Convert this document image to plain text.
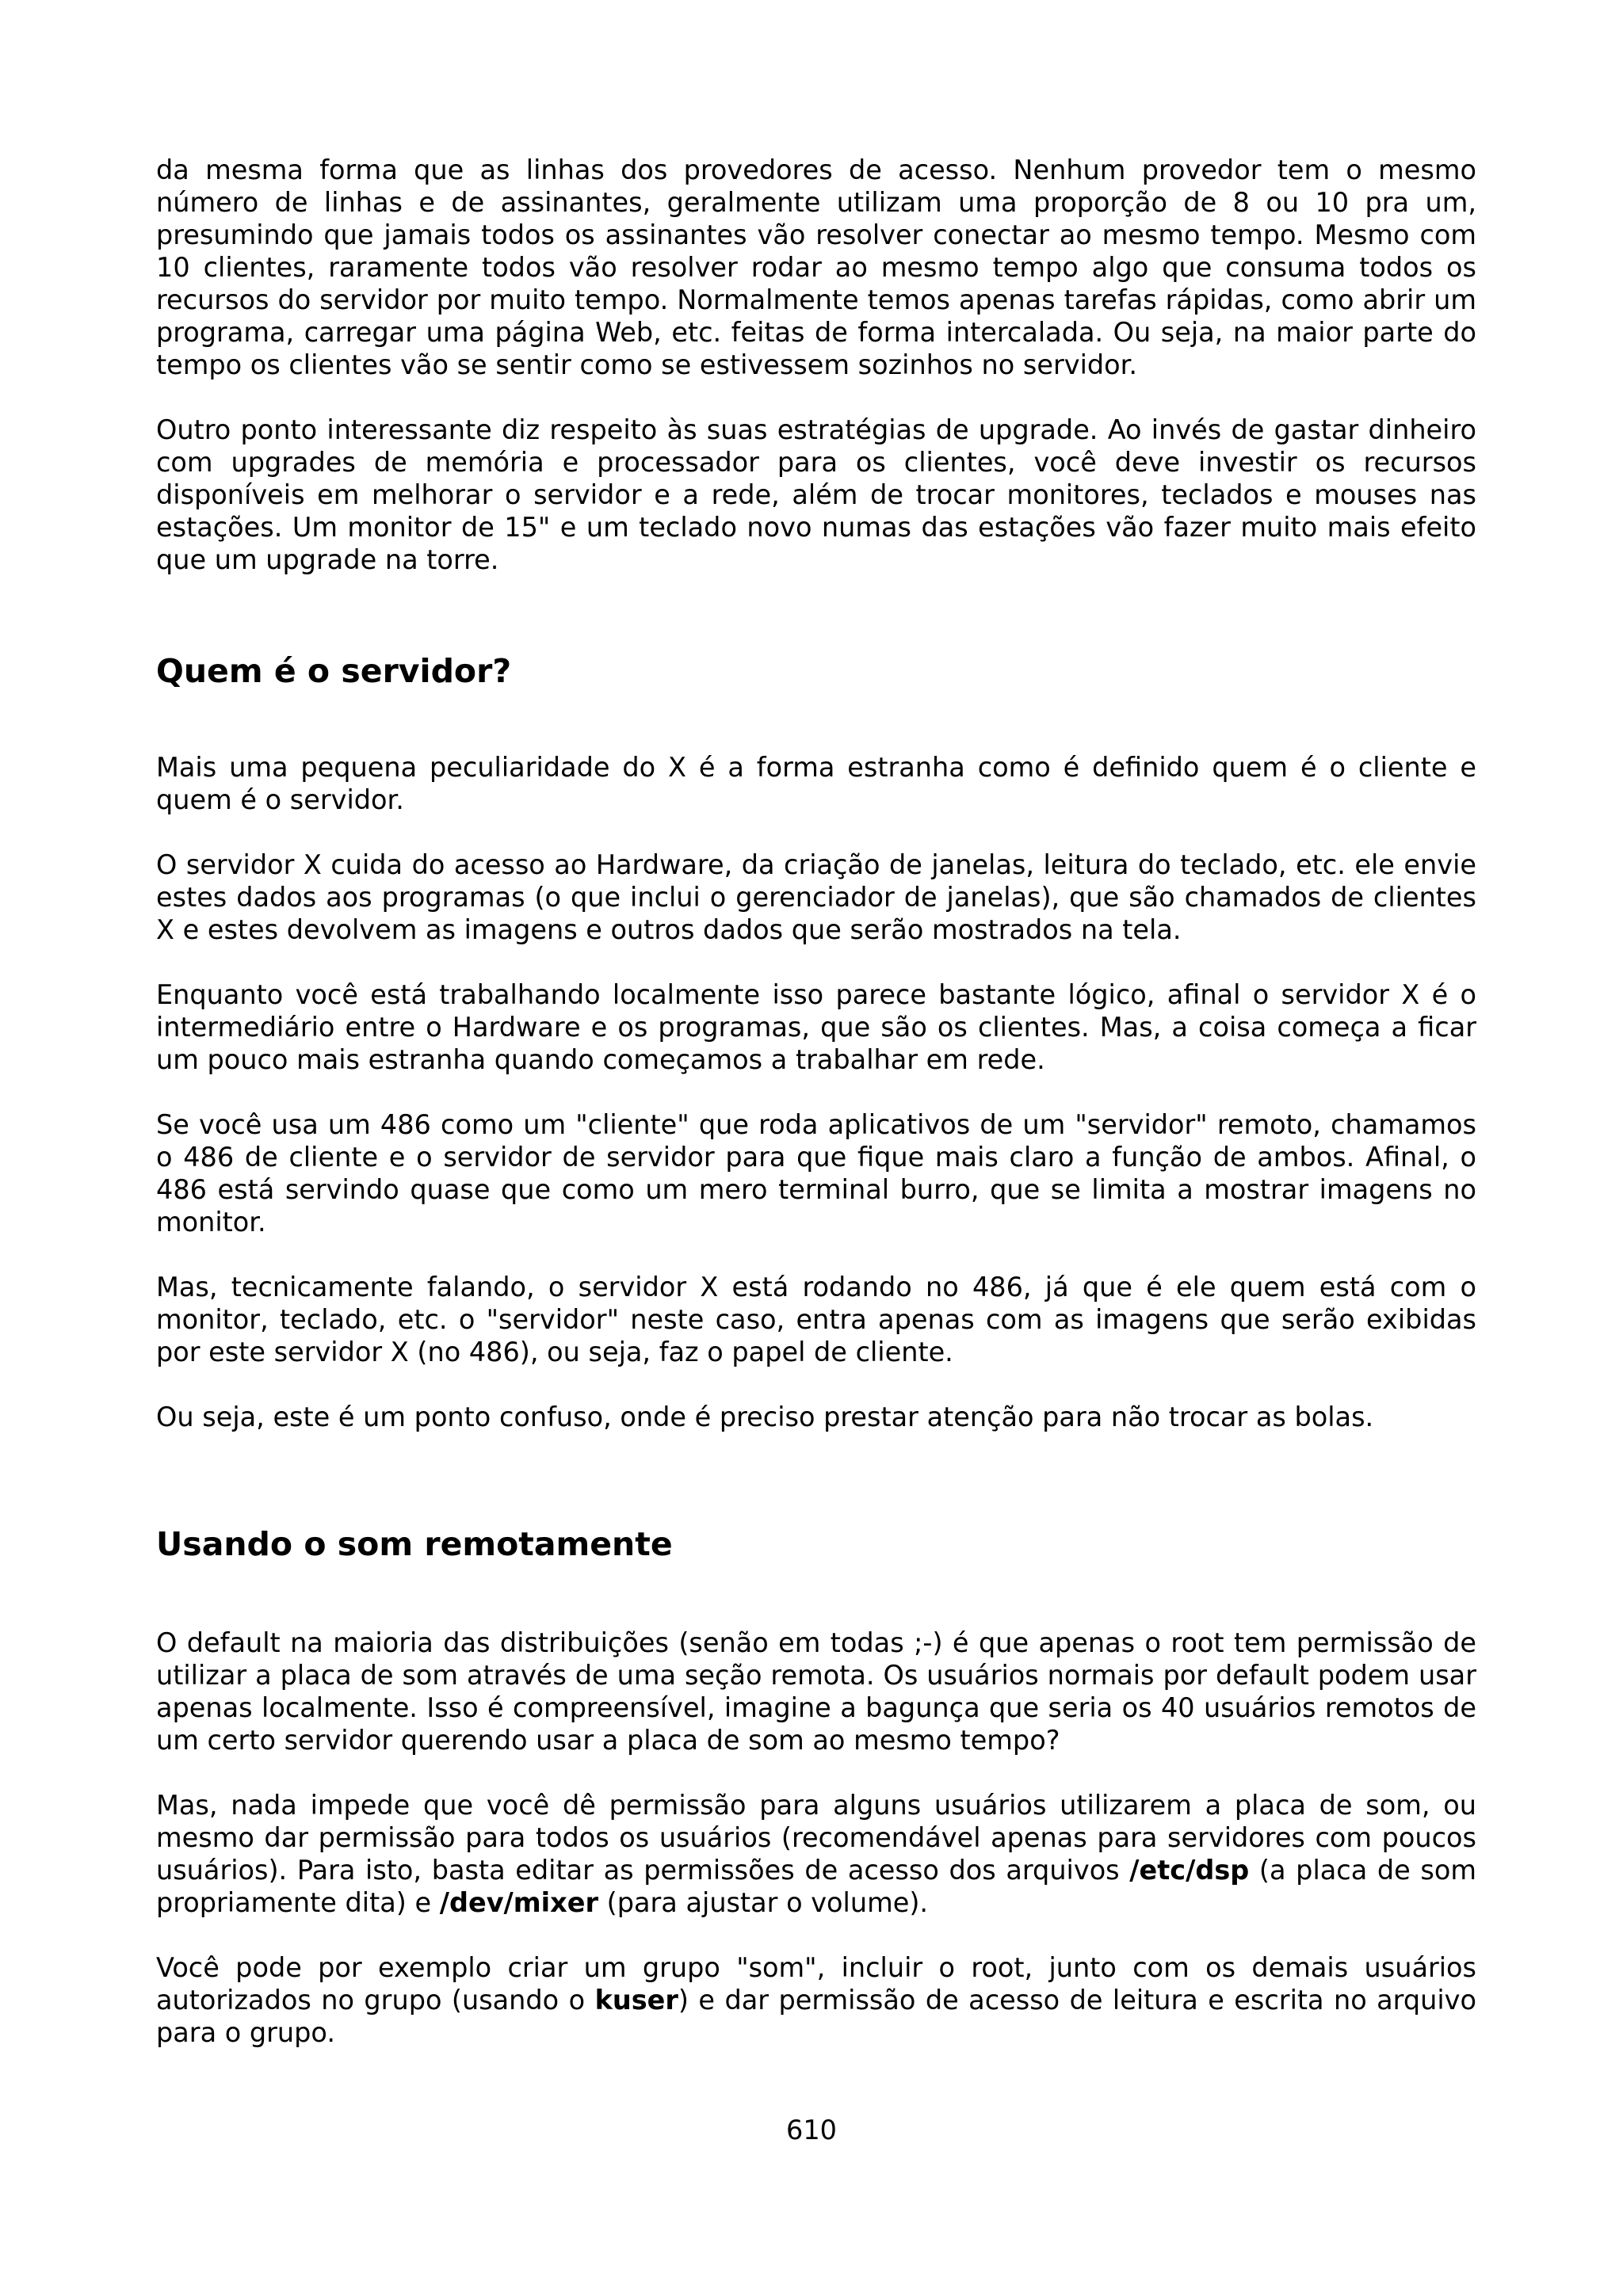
da mesma forma que as linhas dos provedores de acesso. Nenhum provedor tem o mesmo número de linhas e de assinantes, geralmente utilizam uma proporção de 8 ou 10 pra um, presumindo que jamais todos os assinantes vão resolver conectar ao mesmo tempo. Mesmo com 10 clientes, raramente todos vão resolver rodar ao mesmo tempo algo que consuma todos os recursos do servidor por muito tempo. Normalmente temos apenas tarefas rápidas, como abrir um programa, carregar uma página Web, etc. feitas de forma intercalada. Ou seja, na maior parte do tempo os clientes vão se sentir como se estivessem sozinhos no servidor.

Outro ponto interessante diz respeito às suas estratégias de upgrade. Ao invés de gastar dinheiro com upgrades de memória e processador para os clientes, você deve investir os recursos disponíveis em melhorar o servidor e a rede, além de trocar monitores, teclados e mouses nas estações. Um monitor de 15" e um teclado novo numas das estações vão fazer muito mais efeito que um upgrade na torre.

Quem é o servidor?

Mais uma pequena peculiaridade do X é a forma estranha como é definido quem é o cliente e quem é o servidor.

O servidor X cuida do acesso ao Hardware, da criação de janelas, leitura do teclado, etc. ele envie estes dados aos programas (o que inclui o gerenciador de janelas), que são chamados de clientes X e estes devolvem as imagens e outros dados que serão mostrados na tela.

Enquanto você está trabalhando localmente isso parece bastante lógico, afinal o servidor X é o intermediário entre o Hardware e os programas, que são os clientes. Mas, a coisa começa a ficar um pouco mais estranha quando começamos a trabalhar em rede.

Se você usa um 486 como um "cliente" que roda aplicativos de um "servidor" remoto, chamamos o 486 de cliente e o servidor de servidor para que fique mais claro a função de ambos. Afinal, o 486 está servindo quase que como um mero terminal burro, que se limita a mostrar imagens no monitor.

Mas, tecnicamente falando, o servidor X está rodando no 486, já que é ele quem está com o monitor, teclado, etc. o "servidor" neste caso, entra apenas com as imagens que serão exibidas por este servidor X (no 486), ou seja, faz o papel de cliente.

Ou seja, este é um ponto confuso, onde é preciso prestar atenção para não trocar as bolas.

Usando o som remotamente

O default na maioria das distribuições (senão em todas ;-) é que apenas o root tem permissão de utilizar a placa de som através de uma seção remota. Os usuários normais por default podem usar apenas localmente. Isso é compreensível, imagine a bagunça que seria os 40 usuários remotos de um certo servidor querendo usar a placa de som ao mesmo tempo?

Mas, nada impede que você dê permissão para alguns usuários utilizarem a placa de som, ou mesmo dar permissão para todos os usuários (recomendável apenas para servidores com poucos usuários). Para isto, basta editar as permissões de acesso dos arquivos /etc/dsp (a placa de som propriamente dita) e /dev/mixer (para ajustar o volume).

Você pode por exemplo criar um grupo "som", incluir o root, junto com os demais usuários autorizados no grupo (usando o kuser) e dar permissão de acesso de leitura e escrita no arquivo para o grupo.

610
